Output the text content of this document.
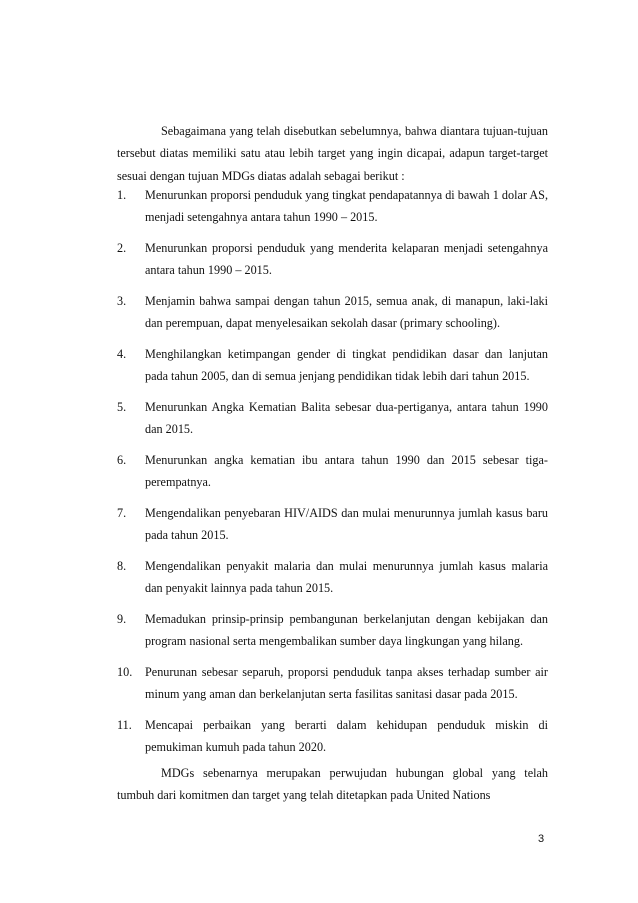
Sebagaimana yang telah disebutkan sebelumnya, bahwa diantara tujuan-tujuan tersebut diatas memiliki satu atau lebih target yang ingin dicapai, adapun target-target sesuai dengan tujuan MDGs diatas adalah sebagai berikut :

1.	Menurunkan proporsi penduduk yang tingkat pendapatannya di bawah 1 dolar AS, menjadi setengahnya antara tahun 1990 – 2015.
2.	Menurunkan proporsi penduduk yang menderita kelaparan menjadi setengahnya antara tahun 1990 – 2015.
3.	Menjamin bahwa sampai dengan tahun 2015, semua anak, di manapun, laki-laki dan perempuan, dapat menyelesaikan sekolah dasar (primary schooling).
4.	Menghilangkan ketimpangan gender di tingkat pendidikan dasar dan lanjutan pada tahun 2005, dan di semua jenjang pendidikan tidak lebih dari tahun 2015.
5.	Menurunkan Angka Kematian Balita sebesar dua-pertiganya, antara tahun 1990 dan 2015.
6.	Menurunkan angka kematian ibu antara tahun 1990 dan 2015 sebesar tiga-perempatnya.
7.	Mengendalikan penyebaran HIV/AIDS dan mulai menurunnya jumlah kasus baru pada tahun 2015.
8.	Mengendalikan penyakit malaria dan mulai menurunnya jumlah kasus malaria dan penyakit lainnya pada tahun 2015.
9.	Memadukan prinsip-prinsip pembangunan berkelanjutan dengan kebijakan dan program nasional serta mengembalikan sumber daya lingkungan yang hilang.
10.	Penurunan sebesar separuh, proporsi penduduk tanpa akses terhadap sumber air minum yang aman dan berkelanjutan serta fasilitas sanitasi dasar pada 2015.
11.	Mencapai perbaikan yang berarti dalam kehidupan penduduk miskin di pemukiman kumuh pada tahun 2020.

MDGs sebenarnya merupakan perwujudan hubungan global yang telah tumbuh dari komitmen dan target yang telah ditetapkan pada United Nations

3
